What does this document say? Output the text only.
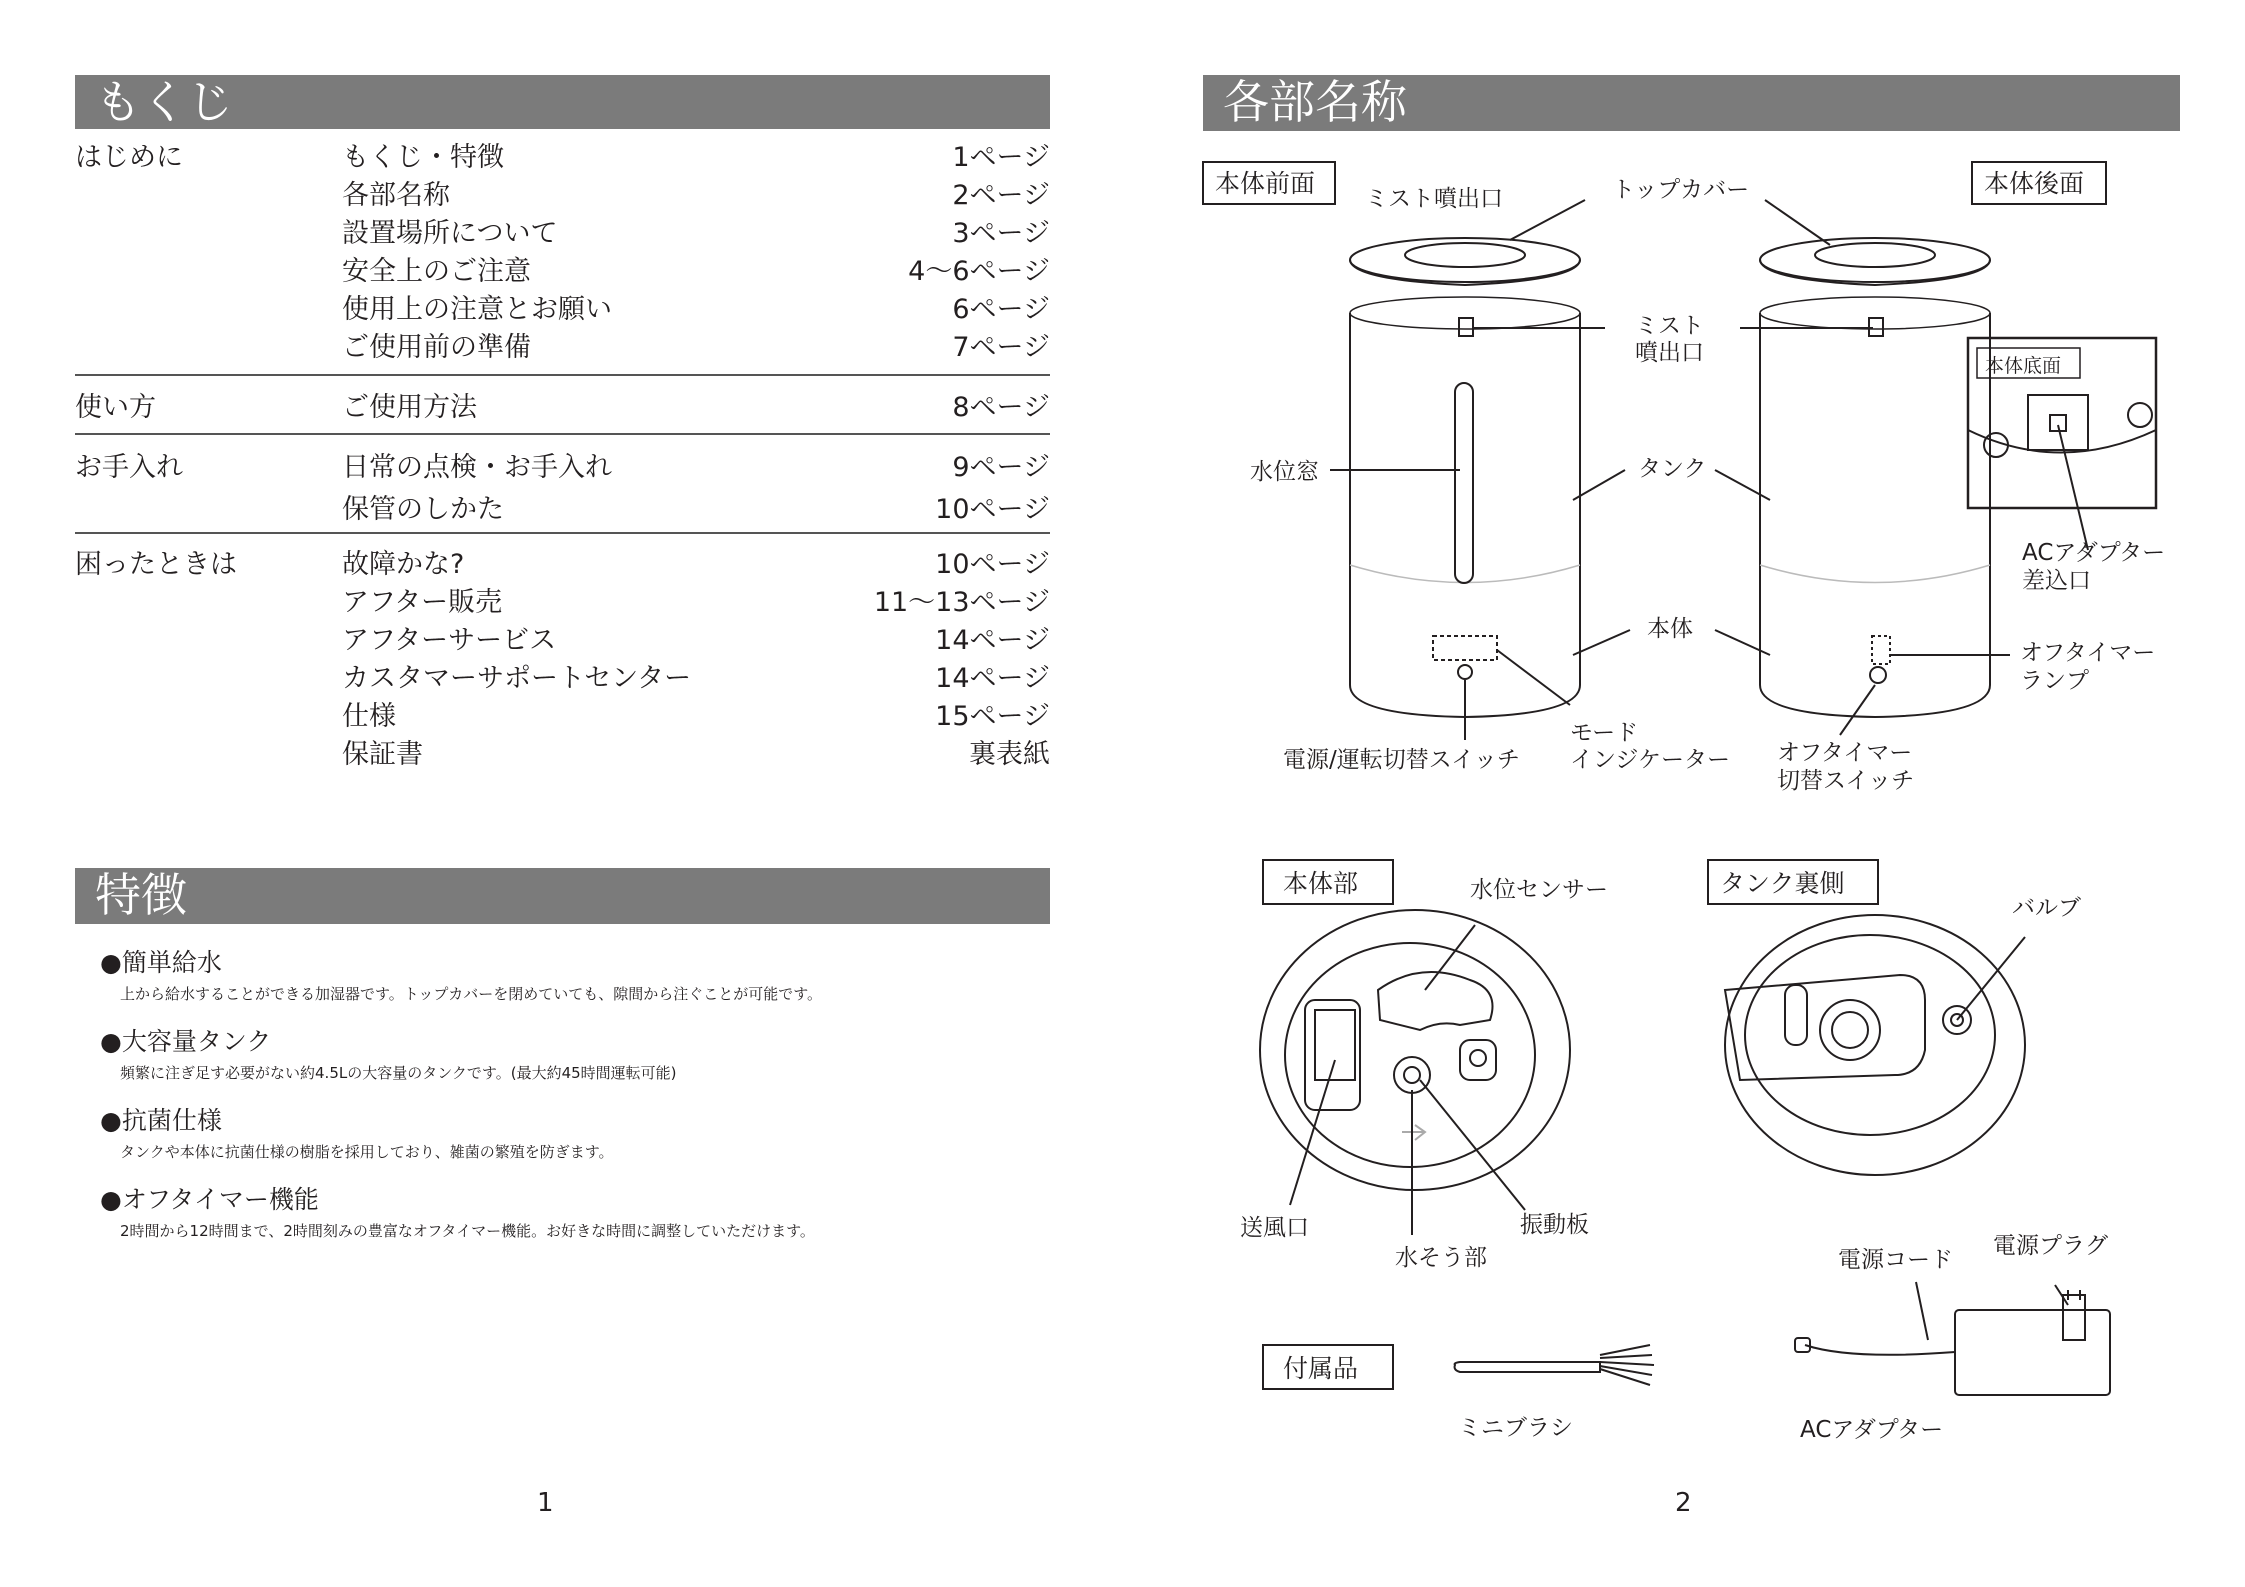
もくじ
はじめに	もくじ・特徴	1ページ
各部名称	2ページ
設置場所について	3ページ
安全上のご注意	4〜6ページ
使用上の注意とお願い	6ページ
ご使用前の準備	7ページ
使い方	ご使用方法	8ページ
お手入れ	日常の点検・お手入れ	9ページ
保管のしかた	10ページ
困ったときは	故障かな?	10ページ
アフター販売	11〜13ページ
アフターサービス	14ページ
カスタマーサポートセンター	14ページ
仕様	15ページ
保証書	裏表紙
特徴
●簡単給水
上から給水することができる加湿器です。トップカバーを閉めていても、隙間から注ぐことが可能です。
●大容量タンク
頻繁に注ぎ足す必要がない約4.5Lの大容量のタンクです。(最大約45時間運転可能)
●抗菌仕様
タンクや本体に抗菌仕様の樹脂を採用しており、雑菌の繁殖を防ぎます。
●オフタイマー機能
2時間から12時間まで、2時間刻みの豊富なオフタイマー機能。お好きな時間に調整していただけます。
1
各部名称
本体前面	本体後面
本体底面
ミスト噴出口	トップカバー
ミスト
噴出口
水位窓	タンク
本体
ACアダプター
差込口
オフタイマー
ランプ
電源/運転切替スイッチ
モード
インジケーター オフタイマー
切替スイッチ
本体部	タンク裏側
水位センサー
バルブ
送風口
水そう部
振動板
付属品
ミニブラシ
電源コード
電源プラグ
ACアダプター
2
